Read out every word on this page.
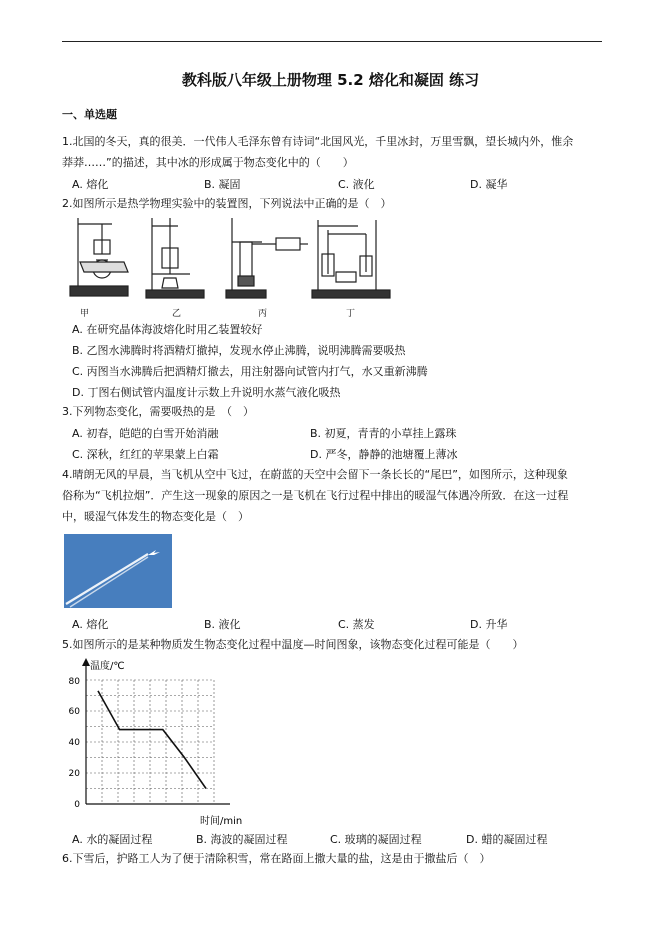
教科版八年级上册物理 5.2 熔化和凝固 练习
一、单选题
1.北国的冬天，真的很美．一代伟人毛泽东曾有诗词“北国风光，千里冰封，万里雪飘，望长城内外，惟余
莽莽……”的描述，其中冰的形成属于物态变化中的（　　）
A. 熔化	B. 凝固	C. 液化	D. 凝华
2.如图所示是热学物理实验中的装置图，下列说法中正确的是（　）
甲	乙	丙	丁
A. 在研究晶体海波熔化时用乙装置较好
B. 乙图水沸腾时将酒精灯撤掉，发现水停止沸腾，说明沸腾需要吸热
C. 丙图当水沸腾后把酒精灯撤去，用注射器向试管内打气，水又重新沸腾
D. 丁图右侧试管内温度计示数上升说明水蒸气液化吸热
3.下列物态变化，需要吸热的是　（　）
A. 初春，皑皑的白雪开始消融	B. 初夏，青青的小草挂上露珠
C. 深秋，红红的苹果蒙上白霜	D. 严冬，静静的池塘覆上薄冰
4.晴朗无风的早晨，当飞机从空中飞过，在蔚蓝的天空中会留下一条长长的“尾巴”，如图所示，这种现象
俗称为“飞机拉烟”．产生这一现象的原因之一是飞机在飞行过程中排出的暖湿气体遇冷所致．在这一过程
中，暖湿气体发生的物态变化是（　）
A. 熔化	B. 液化	C. 蒸发	D. 升华
5.如图所示的是某种物质发生物态变化过程中温度—时间图象，该物态变化过程可能是（　　）
温度/℃
80
60
40
20
0
时间/min
A. 水的凝固过程	B. 海波的凝固过程	C. 玻璃的凝固过程	D. 蜡的凝固过程
6.下雪后，护路工人为了便于清除积雪，常在路面上撒大量的盐，这是由于撒盐后（　）
